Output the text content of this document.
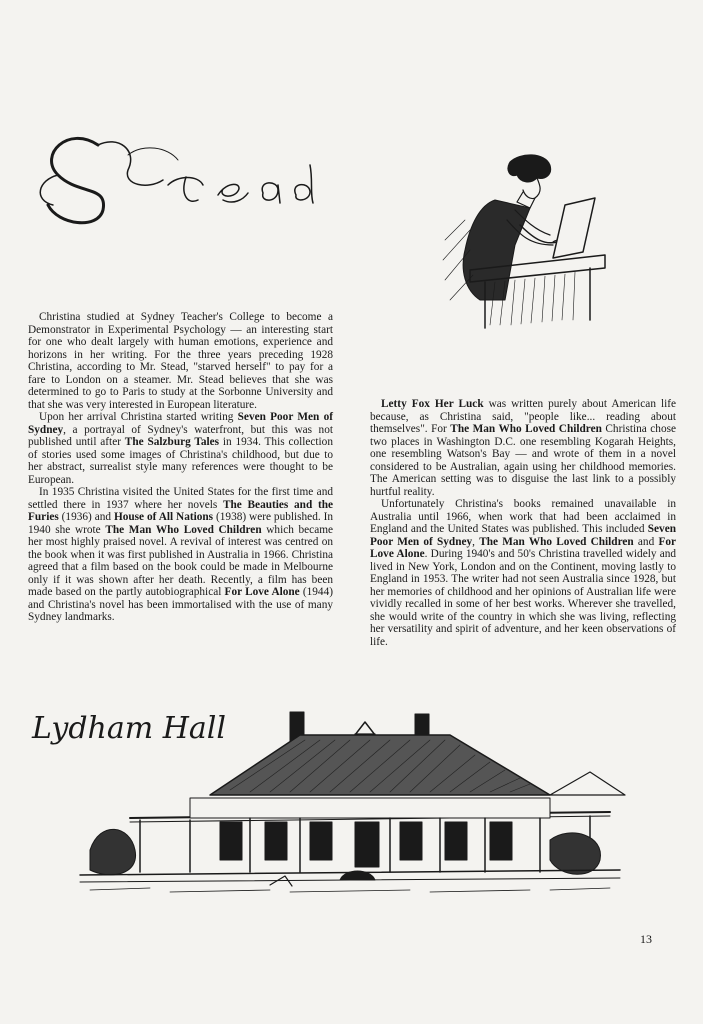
Stead

Christina studied at Sydney Teacher's College to become a Demonstrator in Experimental Psychology — an interesting start for one who dealt largely with human emotions, experience and horizons in her writing. For the three years preceding 1928 Christina, according to Mr. Stead, "starved herself" to pay for a fare to London on a steamer. Mr. Stead believes that she was determined to go to Paris to study at the Sorbonne University and that she was very interested in European literature.

Upon her arrival Christina started writing Seven Poor Men of Sydney, a portrayal of Sydney's waterfront, but this was not published until after The Salzburg Tales in 1934. This collection of stories used some images of Christina's childhood, but due to her abstract, surrealist style many references were thought to be European.

In 1935 Christina visited the United States for the first time and settled there in 1937 where her novels The Beauties and the Furies (1936) and House of All Nations (1938) were published. In 1940 she wrote The Man Who Loved Children which became her most highly praised novel. A revival of interest was centred on the book when it was first published in Australia in 1966. Christina agreed that a film based on the book could be made in Melbourne only if it was shown after her death. Recently, a film has been made based on the partly autobiographical For Love Alone (1944) and Christina's novel has been immortalised with the use of many Sydney landmarks.

Letty Fox Her Luck was written purely about American life because, as Christina said, "people like... reading about themselves". For The Man Who Loved Children Christina chose two places in Washington D.C. one resembling Kogarah Heights, one resembling Watson's Bay — and wrote of them in a novel considered to be Australian, again using her childhood memories. The American setting was to disguise the last link to a possibly hurtful reality.

Unfortunately Christina's books remained unavailable in Australia until 1966, when work that had been acclaimed in England and the United States was published. This included Seven Poor Men of Sydney, The Man Who Loved Children and For Love Alone. During 1940's and 50's Christina travelled widely and lived in New York, London and on the Continent, moving lastly to England in 1953. The writer had not seen Australia since 1928, but her memories of childhood and her opinions of Australian life were vividly recalled in some of her best works. Wherever she travelled, she would write of the country in which she was living, reflecting her versatility and spirit of adventure, and her keen observations of life.

Lydham Hall
13
